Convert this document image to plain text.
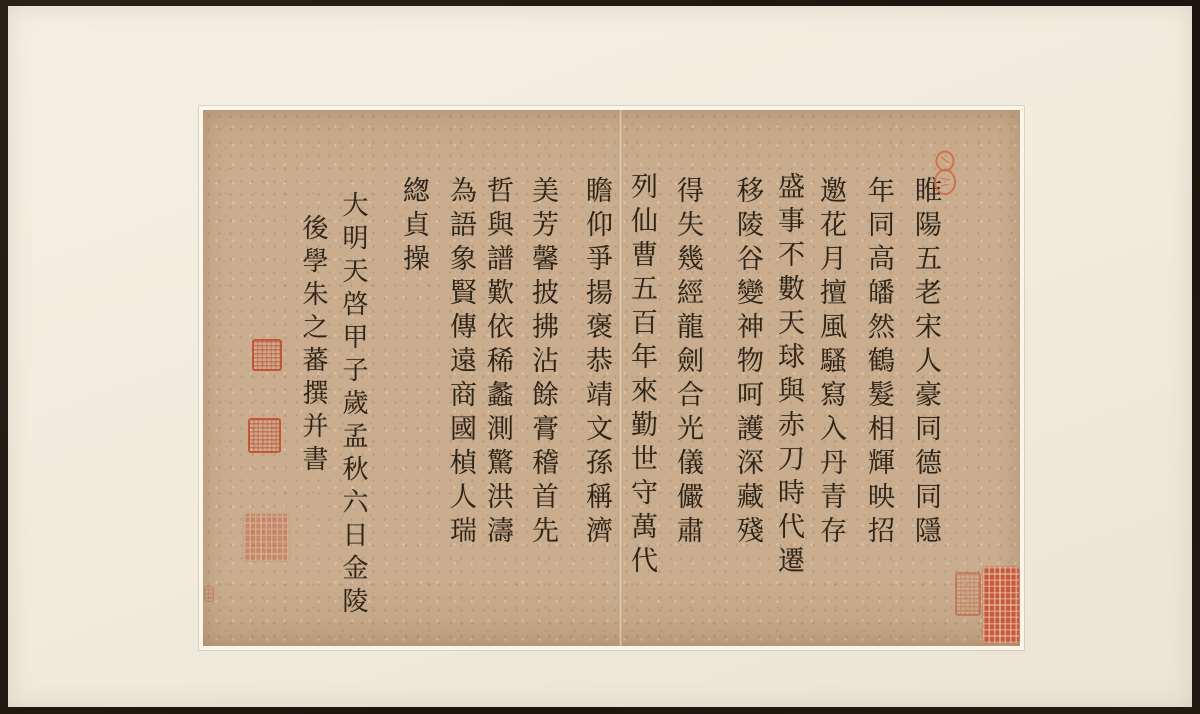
睢陽五老宋人豪同德同隱
年同高皤然鶴髮相輝映招
邀花月擅風騷寫入丹青存
盛事不數天球與赤刀時代遷
移陵谷變神物呵護深藏殘
得失幾經龍劍合光儀儼肅
列仙曹五百年來勤世守萬代
瞻仰爭揚褒恭靖文孫稱濟
美芳馨披拂沾餘膏稽首先
哲與譜歎依稀蠡測驚洪濤
為語象賢傳遠商國楨人瑞
緫貞操
大明天啓甲子歲孟秋六日金陵
後學朱之蕃撰并書
